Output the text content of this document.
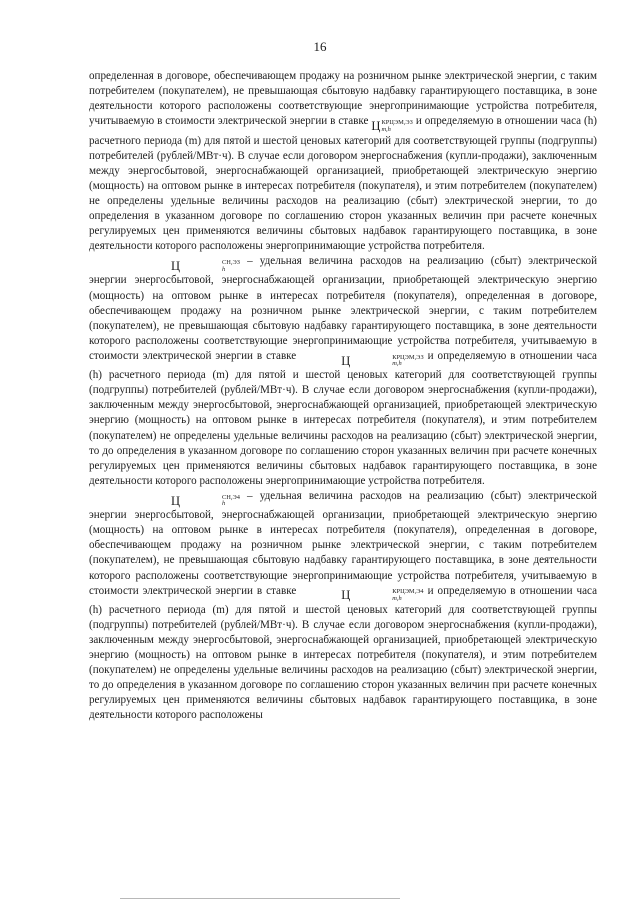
16

определенная в договоре, обеспечивающем продажу на розничном рынке электрической энергии, с таким потребителем (покупателем), не превышающая сбытовую надбавку гарантирующего поставщика, в зоне деятельности которого расположены соответствующие энергопринимающие устройства потребителя, учитываемую в стоимости электрической энергии в ставке Ц КРЦЭМ,ЭЗ
m,h
и определяемую в отношении часа (h) расчетного периода (m) для пятой и шестой ценовых категорий для соответствующей группы (подгруппы) потребителей (рублей/МВт·ч). В случае если договором энергоснабжения (купли-продажи), заключенным между энергосбытовой, энергоснабжающей организацией, приобретающей электрическую энергию (мощность) на оптовом рынке в интересах потребителя (покупателя), и этим потребителем (покупателем) не определены удельные величины расходов на реализацию (сбыт) электрической энергии, то до определения в указанном договоре по соглашению сторон указанных величин при расчете конечных регулируемых цен применяются величины сбытовых надбавок гарантирующего поставщика, в зоне деятельности которого расположены энергопринимающие устройства потребителя.

Ц	СН,ЭЗ
h
– удельная величина расходов на реализацию (сбыт) электрической энергии энергосбытовой, энергоснабжающей организации, приобретающей электрическую энергию (мощность) на оптовом рынке в интересах потребителя (покупателя), определенная в договоре, обеспечивающем продажу на розничном рынке электрической энергии, с таким потребителем (покупателем), не превышающая сбытовую надбавку гарантирующего поставщика, в зоне деятельности которого расположены соответствующие энергопринимающие устройства потребителя, учитываемую в стоимости электрической энергии в ставке	Ц	КРЦЭМ,ЭЗ
m,h
и определяемую в отношении часа (h) расчетного периода (m) для пятой и шестой ценовых категорий для соответствующей группы (подгруппы) потребителей (рублей/МВт·ч). В случае если договором энергоснабжения (купли-продажи), заключенным между энергосбытовой, энергоснабжающей организацией, приобретающей электрическую энергию (мощность) на оптовом рынке в интересах потребителя (покупателя), и этим потребителем (покупателем) не определены удельные величины расходов на реализацию (сбыт) электрической энергии, то до определения в указанном договоре по соглашению сторон указанных величин при расчете конечных регулируемых цен применяются величины сбытовых надбавок гарантирующего поставщика, в зоне деятельности которого расположены энергопринимающие устройства потребителя.

Ц	СН,Э4
h
– удельная величина расходов на реализацию (сбыт) электрической энергии энергосбытовой, энергоснабжающей организации, приобретающей электрическую энергию (мощность) на оптовом рынке в интересах потребителя (покупателя), определенная в договоре, обеспечивающем продажу на розничном рынке электрической энергии, с таким потребителем (покупателем), не превышающая сбытовую надбавку гарантирующего поставщика, в зоне деятельности которого расположены соответствующие энергопринимающие устройства потребителя, учитываемую в стоимости электрической энергии в ставке	Ц	КРЦЭМ,Э4
m,h
и определяемую в отношении часа (h) расчетного периода (m) для пятой и шестой ценовых категорий для соответствующей группы (подгруппы) потребителей (рублей/МВт·ч). В случае если договором энергоснабжения (купли-продажи), заключенным между энергосбытовой, энергоснабжающей организацией, приобретающей электрическую энергию (мощность) на оптовом рынке в интересах потребителя (покупателя), и этим потребителем (покупателем) не определены удельные величины расходов на реализацию (сбыт) электрической энергии, то до определения в указанном договоре по соглашению сторон указанных величин при расчете конечных регулируемых цен применяются величины сбытовых надбавок гарантирующего поставщика, в зоне деятельности которого расположены
